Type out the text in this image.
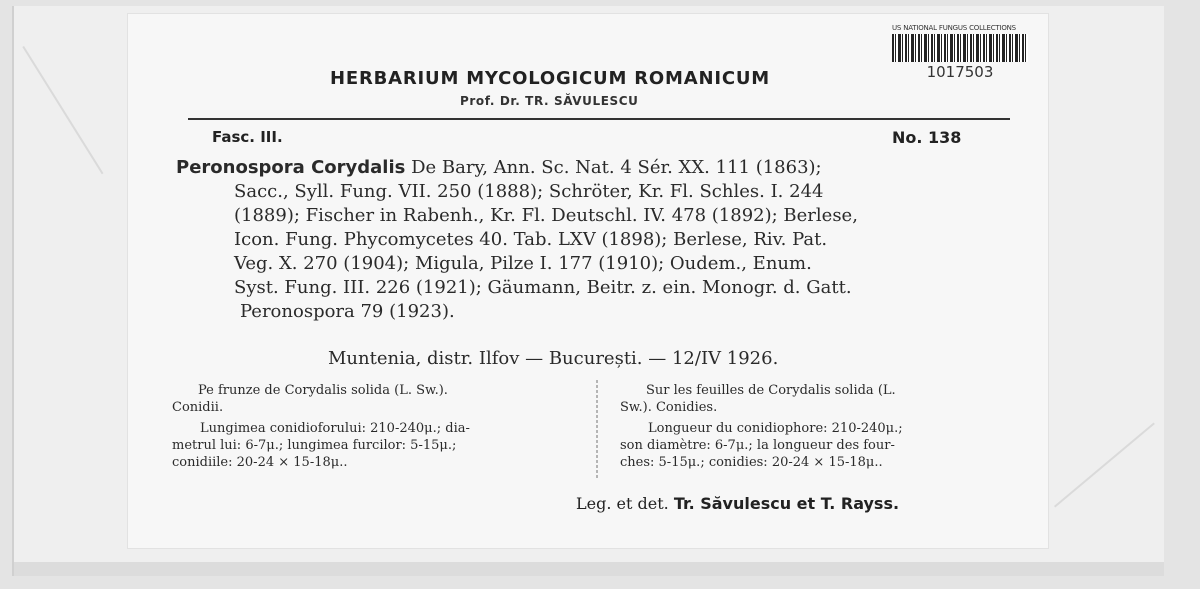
US NATIONAL FUNGUS COLLECTIONS
1017503
HERBARIUM MYCOLOGICUM ROMANICUM
Prof. Dr. TR. SĂVULESCU
Fasc. III.	No. 138
Peronospora Corydalis De Bary, Ann. Sc. Nat. 4 Sér. XX. 111 (1863);
Sacc., Syll. Fung. VII. 250 (1888); Schröter, Kr. Fl. Schles. I. 244
(1889); Fischer in Rabenh., Kr. Fl. Deutschl. IV. 478 (1892); Berlese,
Icon. Fung. Phycomycetes 40. Tab. LXV (1898); Berlese, Riv. Pat.
Veg. X. 270 (1904); Migula, Pilze I. 177 (1910); Oudem., Enum.
Syst. Fung. III. 226 (1921); Gäumann, Beitr. z. ein. Monogr. d. Gatt.
Peronospora 79 (1923).
Muntenia, distr. Ilfov — București. — 12/IV 1926.
Pe frunze de Corydalis solida (L. Sw.).
Conidii.
Lungimea conidioforului: 210-240μ.; dia-
metrul lui: 6-7μ.; lungimea furcilor: 5-15μ.;
conidiile: 20-24 × 15-18μ..
Sur les feuilles de Corydalis solida (L.
Sw.). Conidies.
Longueur du conidiophore: 210-240μ.;
son diamètre: 6-7μ.; la longueur des four-
ches: 5-15μ.; conidies: 20-24 × 15-18μ..
Leg. et det. Tr. Săvulescu et T. Rayss.
